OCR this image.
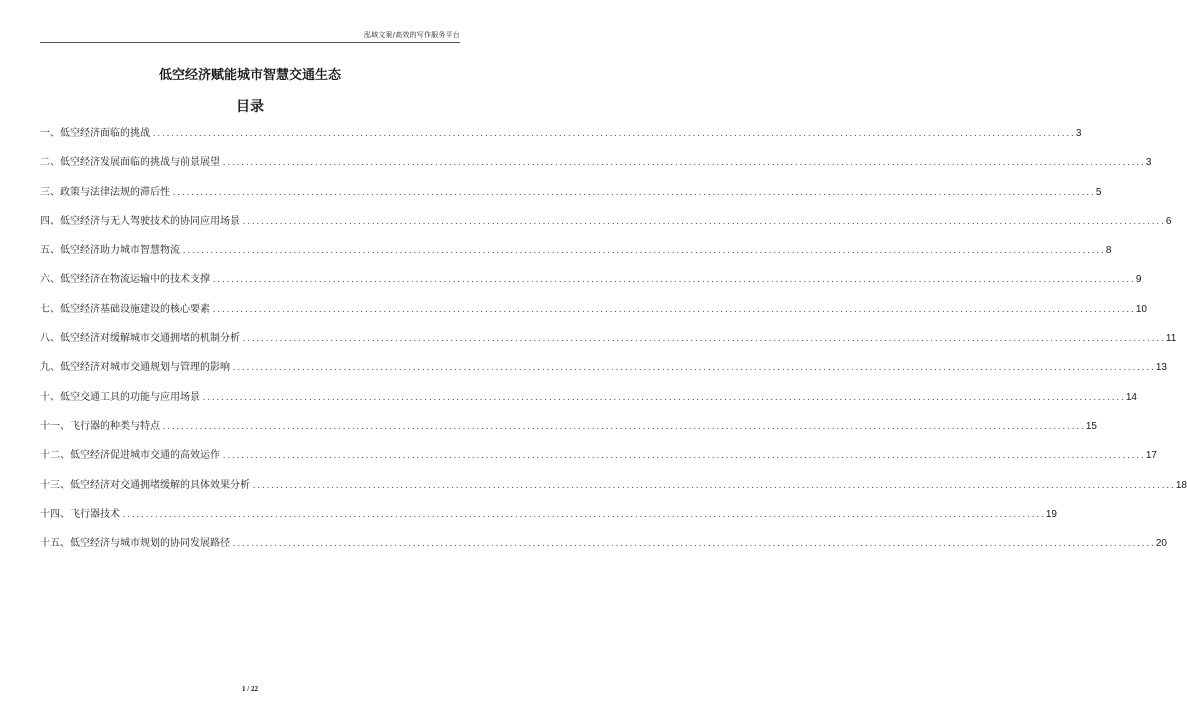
泓域文案/高效的写作服务平台
低空经济赋能城市智慧交通生态
目录
一、 低空经济面临的挑战 ........................................................................................................................................................................................................ 3
二、 低空经济发展面临的挑战与前景展望 ........................................................................................................................................................................................................ 3
三、 政策与法律法规的滞后性 ........................................................................................................................................................................................................ 5
四、 低空经济与无人驾驶技术的协同应用场景 ........................................................................................................................................................................................................ 6
五、 低空经济助力城市智慧物流 ........................................................................................................................................................................................................ 8
六、 低空经济在物流运输中的技术支撑 ........................................................................................................................................................................................................ 9
七、 低空经济基础设施建设的核心要素 ........................................................................................................................................................................................................ 10
八、 低空经济对缓解城市交通拥堵的机制分析 ........................................................................................................................................................................................................ 11
九、 低空经济对城市交通规划与管理的影响 ........................................................................................................................................................................................................ 13
十、 低空交通工具的功能与应用场景 ........................................................................................................................................................................................................ 14
十一、 飞行器的种类与特点 ........................................................................................................................................................................................................ 15
十二、 低空经济促进城市交通的高效运作 ........................................................................................................................................................................................................ 17
十三、 低空经济对交通拥堵缓解的具体效果分析 ........................................................................................................................................................................................................ 18
十四、 飞行器技术 ........................................................................................................................................................................................................ 19
十五、 低空经济与城市规划的协同发展路径 ........................................................................................................................................................................................................ 20
1 / 22
